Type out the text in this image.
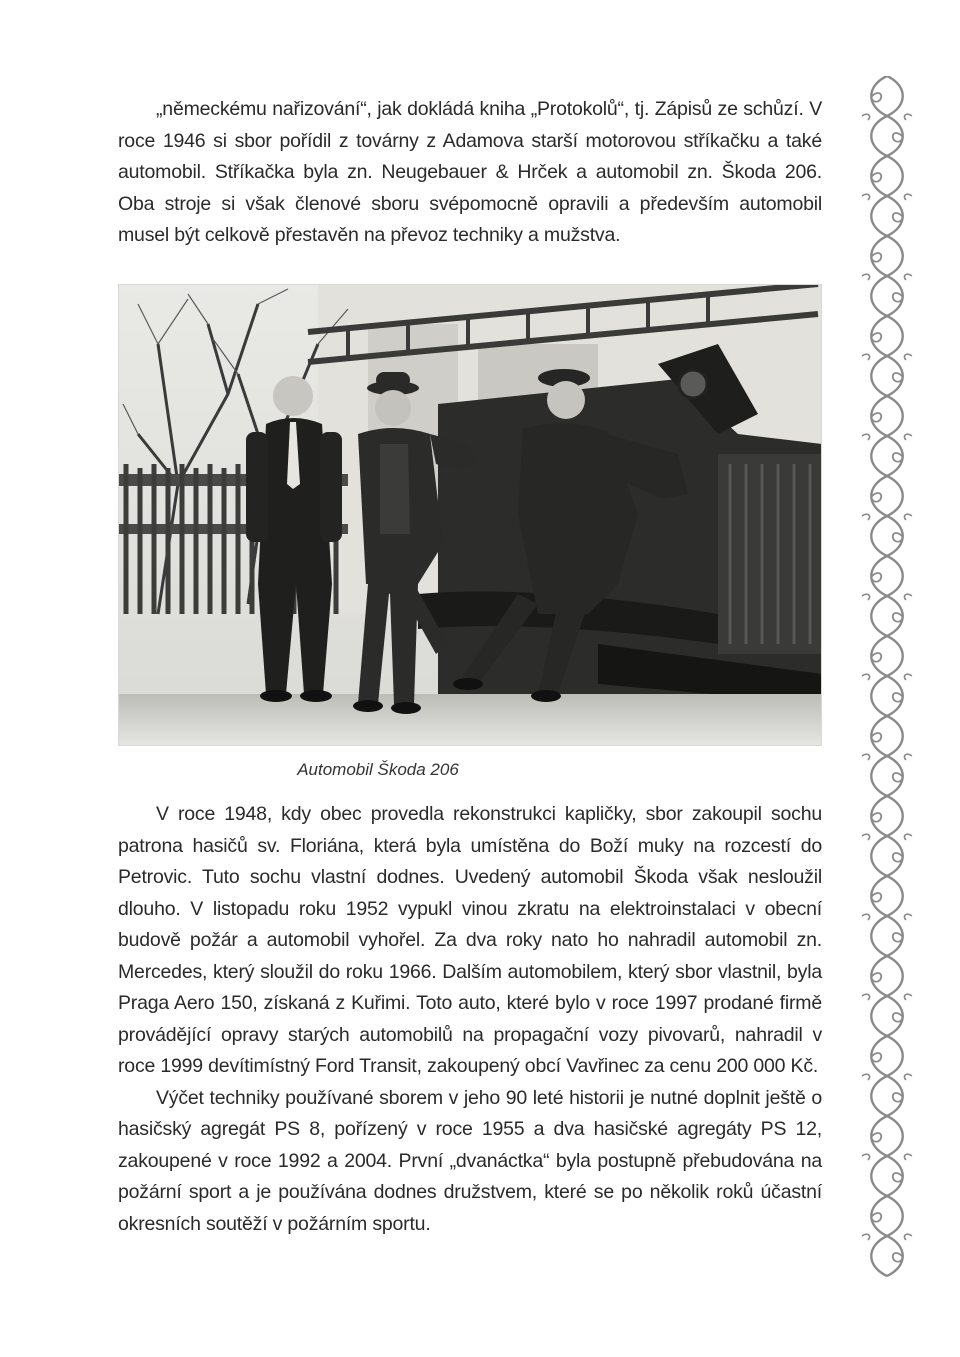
„německému nařizování“, jak dokládá kniha „Protokolů“, tj. Zápisů ze schůzí. V roce 1946 si sbor pořídil z továrny z Adamova starší motorovou stříkačku a také automobil. Stříkačka byla zn. Neugebauer & Hrček a automobil zn. Škoda 206. Oba stroje si však členové sboru svépomocně opravili a především automobil musel být celkově přestavěn na převoz techniky a mužstva.

Automobil Škoda 206

V roce 1948, kdy obec provedla rekonstrukci kapličky, sbor zakoupil sochu patrona hasičů sv. Floriána, která byla umístěna do Boží muky na rozcestí do Petrovic. Tuto sochu vlastní dodnes. Uvedený automobil Škoda však nesloužil dlouho. V listopadu roku 1952 vypukl vinou zkratu na elektroinstalaci v obecní budově požár a automobil vyhořel. Za dva roky nato ho nahradil automobil zn. Mercedes, který sloužil do roku 1966. Dalším automobilem, který sbor vlastnil, byla Praga Aero 150, získaná z Kuřimi. Toto auto, které bylo v roce 1997 prodané firmě provádějící opravy starých automobilů na propagační vozy pivovarů, nahradil v roce 1999 devítimístný Ford Transit, zakoupený obcí Vavřinec za cenu 200 000 Kč.

Výčet techniky používané sborem v jeho 90 leté historii je nutné doplnit ještě o hasičský agregát PS 8, pořízený v roce 1955 a dva hasičské agregáty PS 12, zakoupené v roce 1992 a 2004. První „dvanáctka“ byla postupně přebudována na požární sport a je používána dodnes družstvem, které se po několik roků účastní okresních soutěží v požárním sportu.
